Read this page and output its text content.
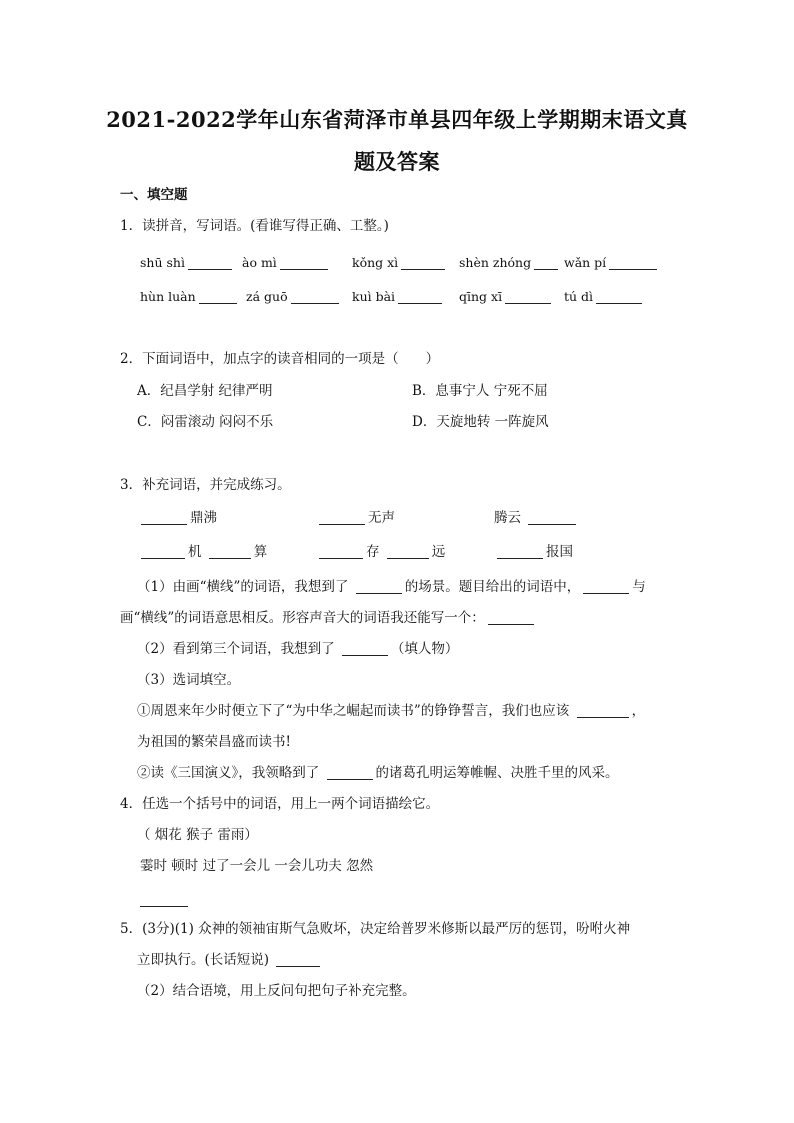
2021-2022学年山东省菏泽市单县四年级上学期期末语文真
题及答案
一、填空题
1．读拼音，写词语。(看谁写得正确、工整。)
shū shì	ào mì	kǒng xì	shèn zhóng	wǎn pí
hùn luàn	zá guō	kuì bài	qīng xī	tú dì
2．下面词语中，加点字的读音相同的一项是（　　）
A．纪昌学射 纪律严明	B．息事宁人 宁死不屈
C．闷雷滚动 闷闷不乐	D．天旋地转 一阵旋风
3．补充词语，并完成练习。
鼎沸	无声	腾云
机	算	存	远	报国
（1）由画“横线”的词语，我想到了	的场景。题目给出的词语中，	与
画“横线”的词语意思相反。形容声音大的词语我还能写一个：
（2）看到第三个词语，我想到了	（填人物）
（3）选词填空。
①周恩来年少时便立下了“为中华之崛起而读书”的铮铮誓言，我们也应该	，
为祖国的繁荣昌盛而读书!
②读《三国演义》，我领略到了	的诸葛孔明运筹帷幄、决胜千里的风采。
4．任选一个括号中的词语，用上一两个词语描绘它。
（ 烟花 猴子 雷雨）
霎时 顿时 过了一会儿 一会儿功夫 忽然
5．(3分)(1) 众神的领袖宙斯气急败坏，决定给普罗米修斯以最严厉的惩罚，吩咐火神
立即执行。(长话短说)
（2）结合语境，用上反问句把句子补充完整。
